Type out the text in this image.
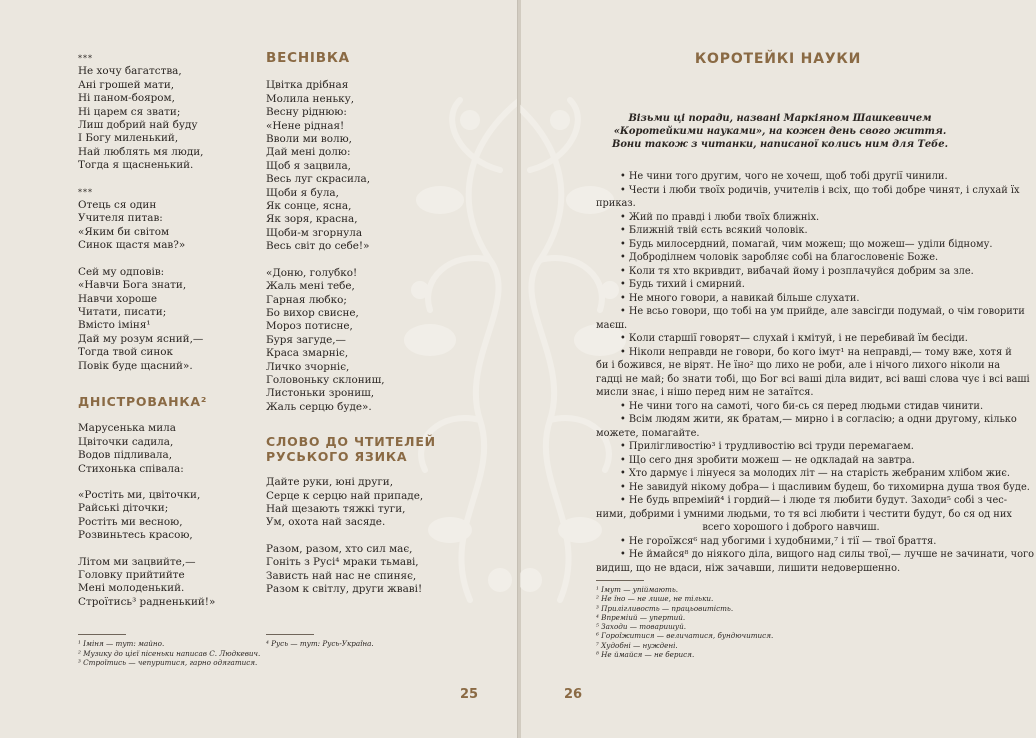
***
Не хочу багатства,
Ані грошей мати,
Ні паном-боярoм,
Ні царем ся звати;
Лиш добрий най буду
І Богу миленький,
Най люблять мя люди,
Тогда я щасненький.
***
Отець ся один
Учителя питав:
«Яким би світом
Синок щастя мав?»
Сей му одповів:
«Навчи Бога знати,
Навчи хороше
Читати, писати;
Вмісто іміня¹
Дай му розум ясний,—
Тогда твой синок
Повік буде щасний».
ДНІСТРОВАНКА²
Марусенька мила
Цвіточки садила,
Водов підливала,
Стихонька співала:
«Ростіть ми, цвіточки,
Райські діточки;
Ростіть ми весною,
Розвиньтесь красою,
Літом ми зацвийте,—
Головку прийтийте
Мені молоденький.
Строїтись³ радненький!»
ВЕСНІВКА
Цвітка дрібная
Молила неньку,
Весну ріднюю:
«Нене рідная!
Вволи ми волю,
Дай мені долю:
Щоб я зацвила,
Весь луг скрасила,
Щоби я була,
Як сонце, ясна,
Як зоря, красна,
Щоби-м згорнула
Весь світ до себе!»
«Доню, голубко!
Жаль мені тебе,
Гарная любко;
Бо вихор свисне,
Мороз потисне,
Буря загуде,—
Краса змарніє,
Личко зчорніє,
Головоньку склониш,
Листоньки зрониш,
Жаль серцю буде».
СЛОВО ДО ЧТИТЕЛЕЙ
РУСЬКОГО ЯЗИКА
Дайте руки, юні други,
Серце к серцю най припаде,
Най щезають тяжкі туги,
Ум, охота най засяде.
Разом, разом, хто сил має,
Гоніть з Русі⁴ мраки тьмаві,
Зависть най нас не спиняє,
Разом к світлу, други жваві!
¹ Іміня — тут: майно.
² Музику до цієї пісеньки написав С. Людкевич.
³ Строїтись — чепуритися, гарно одягатися.
⁴ Русь — тут: Русь-Україна.
25
КОРОТЕЙКІ НАУКИ
Візьми ці поради, названі Маркіяном Шашкевичем
«Коротейкими науками», на кожен день свого життя.
Вони також з читанки, написаної колись ним для Тебе.
• Не чини того другим, чого не хочеш, щоб тобі другії чинили.
• Чести і люби твоїх родичів, учителів і всіх, що тобі добре чинят, і слухай їх
приказ.
• Жий по правді і люби твоїх ближніх.
• Ближній твій єсть всякий чоловік.
• Будь милосердний, помагай, чим можеш; що можеш— уділи бідному.
• Доброділнем чоловік заробляє собі на благословеніє Боже.
• Коли тя хто вкривдит, вибачай йому і розплачуйся добрим за зле.
• Будь тихий і смирний.
• Не много говори, а навикай більше слухати.
• Не всьо говори, що тобі на ум прийде, але завсігди подумай, о чім говорити
маєш.
• Коли старшії говорят— слухай і кмітуй, і не перебивай їм бесіди.
• Ніколи неправди не говори, бо кого імут¹ на неправді,— тому вже, хотя й
би і божився, не вірят. Не їно² що лихо не роби, але і нічого лихого ніколи на
гадці не май; бо знати тобі, що Бог всі ваші діла видит, всі ваші слова чує і всі ваші
мисли знає, і нішо перед ним не затаїтся.
• Не чини того на самоті, чого би-сь ся перед людьми стидав чинити.
• Всім людям жити, як братам,— мирно і в согласію; а одни другому, кілько
можете, помагайте.
• Прилігливостію³ і трудливостію всі труди перемагаем.
• Що сего дня зробити можеш — не одкладай на завтра.
• Хто дармує і лінуеся за молодих літ — на старість жебраним хлібом жиє.
• Не завидуй нікому добра— і щасливим будеш, бо тихомирна душа твоя буде.
• Не будь впреміий⁴ і гордий— і люде тя любити будут. Заходи⁵ собі з чес-
ними, добрими і умними людьми, то тя всі любити і честити будут, бо ся од них
всего хорошого і доброго навчиш.
• Не гороїжся⁶ над убогими і худобними,⁷ і тії — твої браття.
• Не ймайся⁸ до ніякого діла, вищого над силы твої,— лучше не зачинати, чого
видиш, що не вдаси, ніж зачавши, лишити недовершенно.
¹ Імут — упіймають.
² Не їно — не лише, не тільки.
³ Прилігливость — працьовитість.
⁴ Впреміий — упертий.
⁵ Заходи — товаришуй.
⁶ Гороїжитися — величатися, бундючитися.
⁷ Худобні — нуждені.
⁸ Не ймайся — не берися.
26
